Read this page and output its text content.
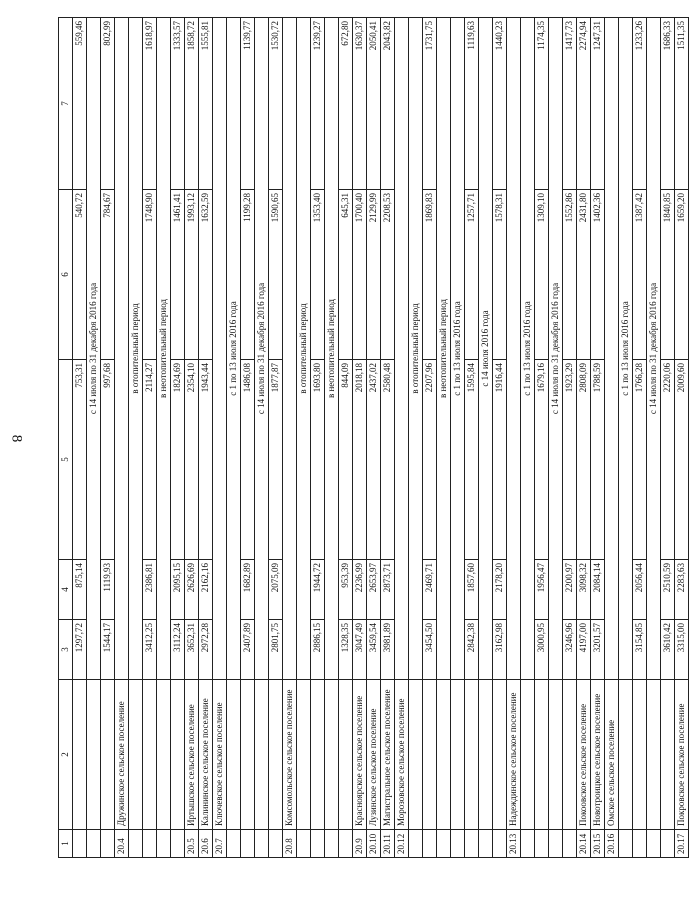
8
1	2	3	4	5	6	7
		1297,72	875,14	753,31	540,72	559,46
		с 14 июля по 31 декабря 2016 года				
		1544,17	1119,93	997,68	784,67	802,99
20.4	Дружинское сельское поселение					
		в отопительный период				
		3412,25	2386,81	2114,27	1748,90	1618,97
		в неотопительный период				
		3112,24	2095,15	1824,69	1461,41	1333,57
20.5	Иртышское сельское поселение	3652,31	2626,69	2354,10	1993,12	1858,72
20.6	Калининское сельское поселение	2972,28	2162,16	1943,44	1632,59	1555,81
20.7	Ключевское сельское поселение					
		с 1 по 13 июля 2016 года				
		2407,89	1682,89	1486,08	1199,28	1139,77
		с 14 июля по 31 декабря 2016 года				
		2801,75	2075,09	1877,87	1590,65	1530,72
20.8	Комсомольское сельское поселение					
		в отопительный период				
		2886,15	1944,72	1693,80	1353,40	1239,27
		в неотопительный период				
		1328,35	953,39	844,09	645,31	672,80
20.9	Красноярское сельское поселение	3047,49	2236,99	2018,18	1700,40	1630,37
20.10	Лузинское сельское поселение	3459,54	2653,97	2437,02	2129,99	2050,41
20.11	Магистральное сельское поселение	3981,89	2873,71	2580,48	2208,53	2043,82
20.12	Морозовское сельское поселение					
		в отопительный период				
		3454,50	2469,71	2207,96	1869,83	1731,75
		в неотопительный период				
		с 1 по 13 июля 2016 года				
		2842,38	1857,60	1595,84	1257,71	1119,63
		с 14 июля 2016 года				
		3162,98	2178,20	1916,44	1578,31	1440,23
20.13	Надеждинское сельское поселение					
		с 1 по 13 июля 2016 года				
		3000,95	1956,47	1679,16	1309,10	1174,35
		с 14 июля по 31 декабря 2016 года				
		3246,96	2200,97	1923,29	1552,86	1417,73
20.14	Покоовское сельское поселение	4197,00	3098,32	2808,09	2431,80	2274,94
20.15	Новотроицкое сельское поселение	3201,57	2084,14	1788,59	1402,36	1247,31
20.16	Омское сельское поселение					
		с 1 по 13 июля 2016 года				
		3154,85	2056,44	1766,28	1387,42	1233,26
		с 14 июля по 31 декабря 2016 года				
		3610,42	2510,59	2220,06	1840,85	1686,33
20.17	Покровское сельское поселение	3315,00	2283,63	2009,60	1659,20	1511,35
